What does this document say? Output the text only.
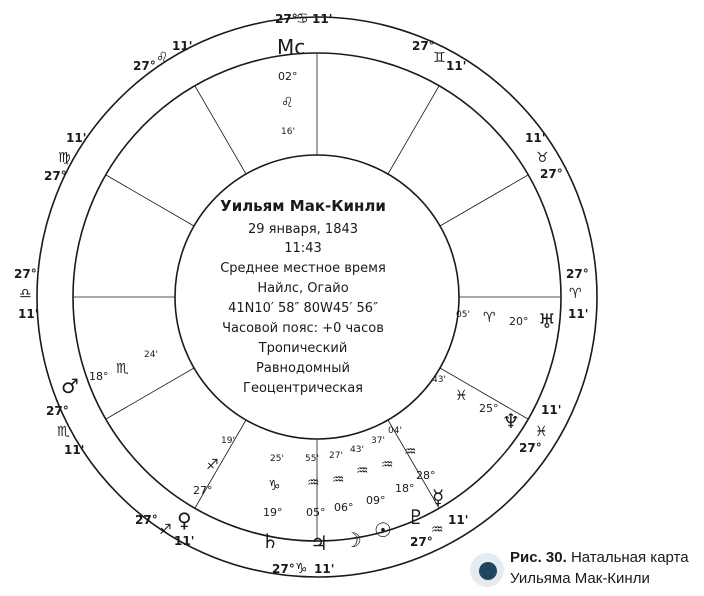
27°
♋ 11'
27°
♊ 11'
11'
♉
27°
27°
♈
11'
11'
♓
27°
11'
♒
27°
27° ♑ 11'
27°
♐
11'
27°
♏
11'
27°
♎
11'
11'
♍
27°
27° ♌
11'	Mc
02°
♌
16'
05' ♈ 20° ♅
43'
♓
25°
♆
04'
♒
28°
☿
37'
♒
18°
♇
43'
♒
09°
☉
27'
♒
06°
☽
55'
♒
05°
♃
25'
♑
19°
♄
19'
♐
27°
♀
24'
♏
18°
♂
Уильям Мак-Кинли
29 января, 1843
11:43
Среднее местное время
Найлс, Огайо
41N10′ 58″ 80W45′ 56″
Часовой пояс: +0 часов
Тропический
Равнодомный
Геоцентрическая
Рис. 30. Натальная карта
Уильяма Мак-Кинли
